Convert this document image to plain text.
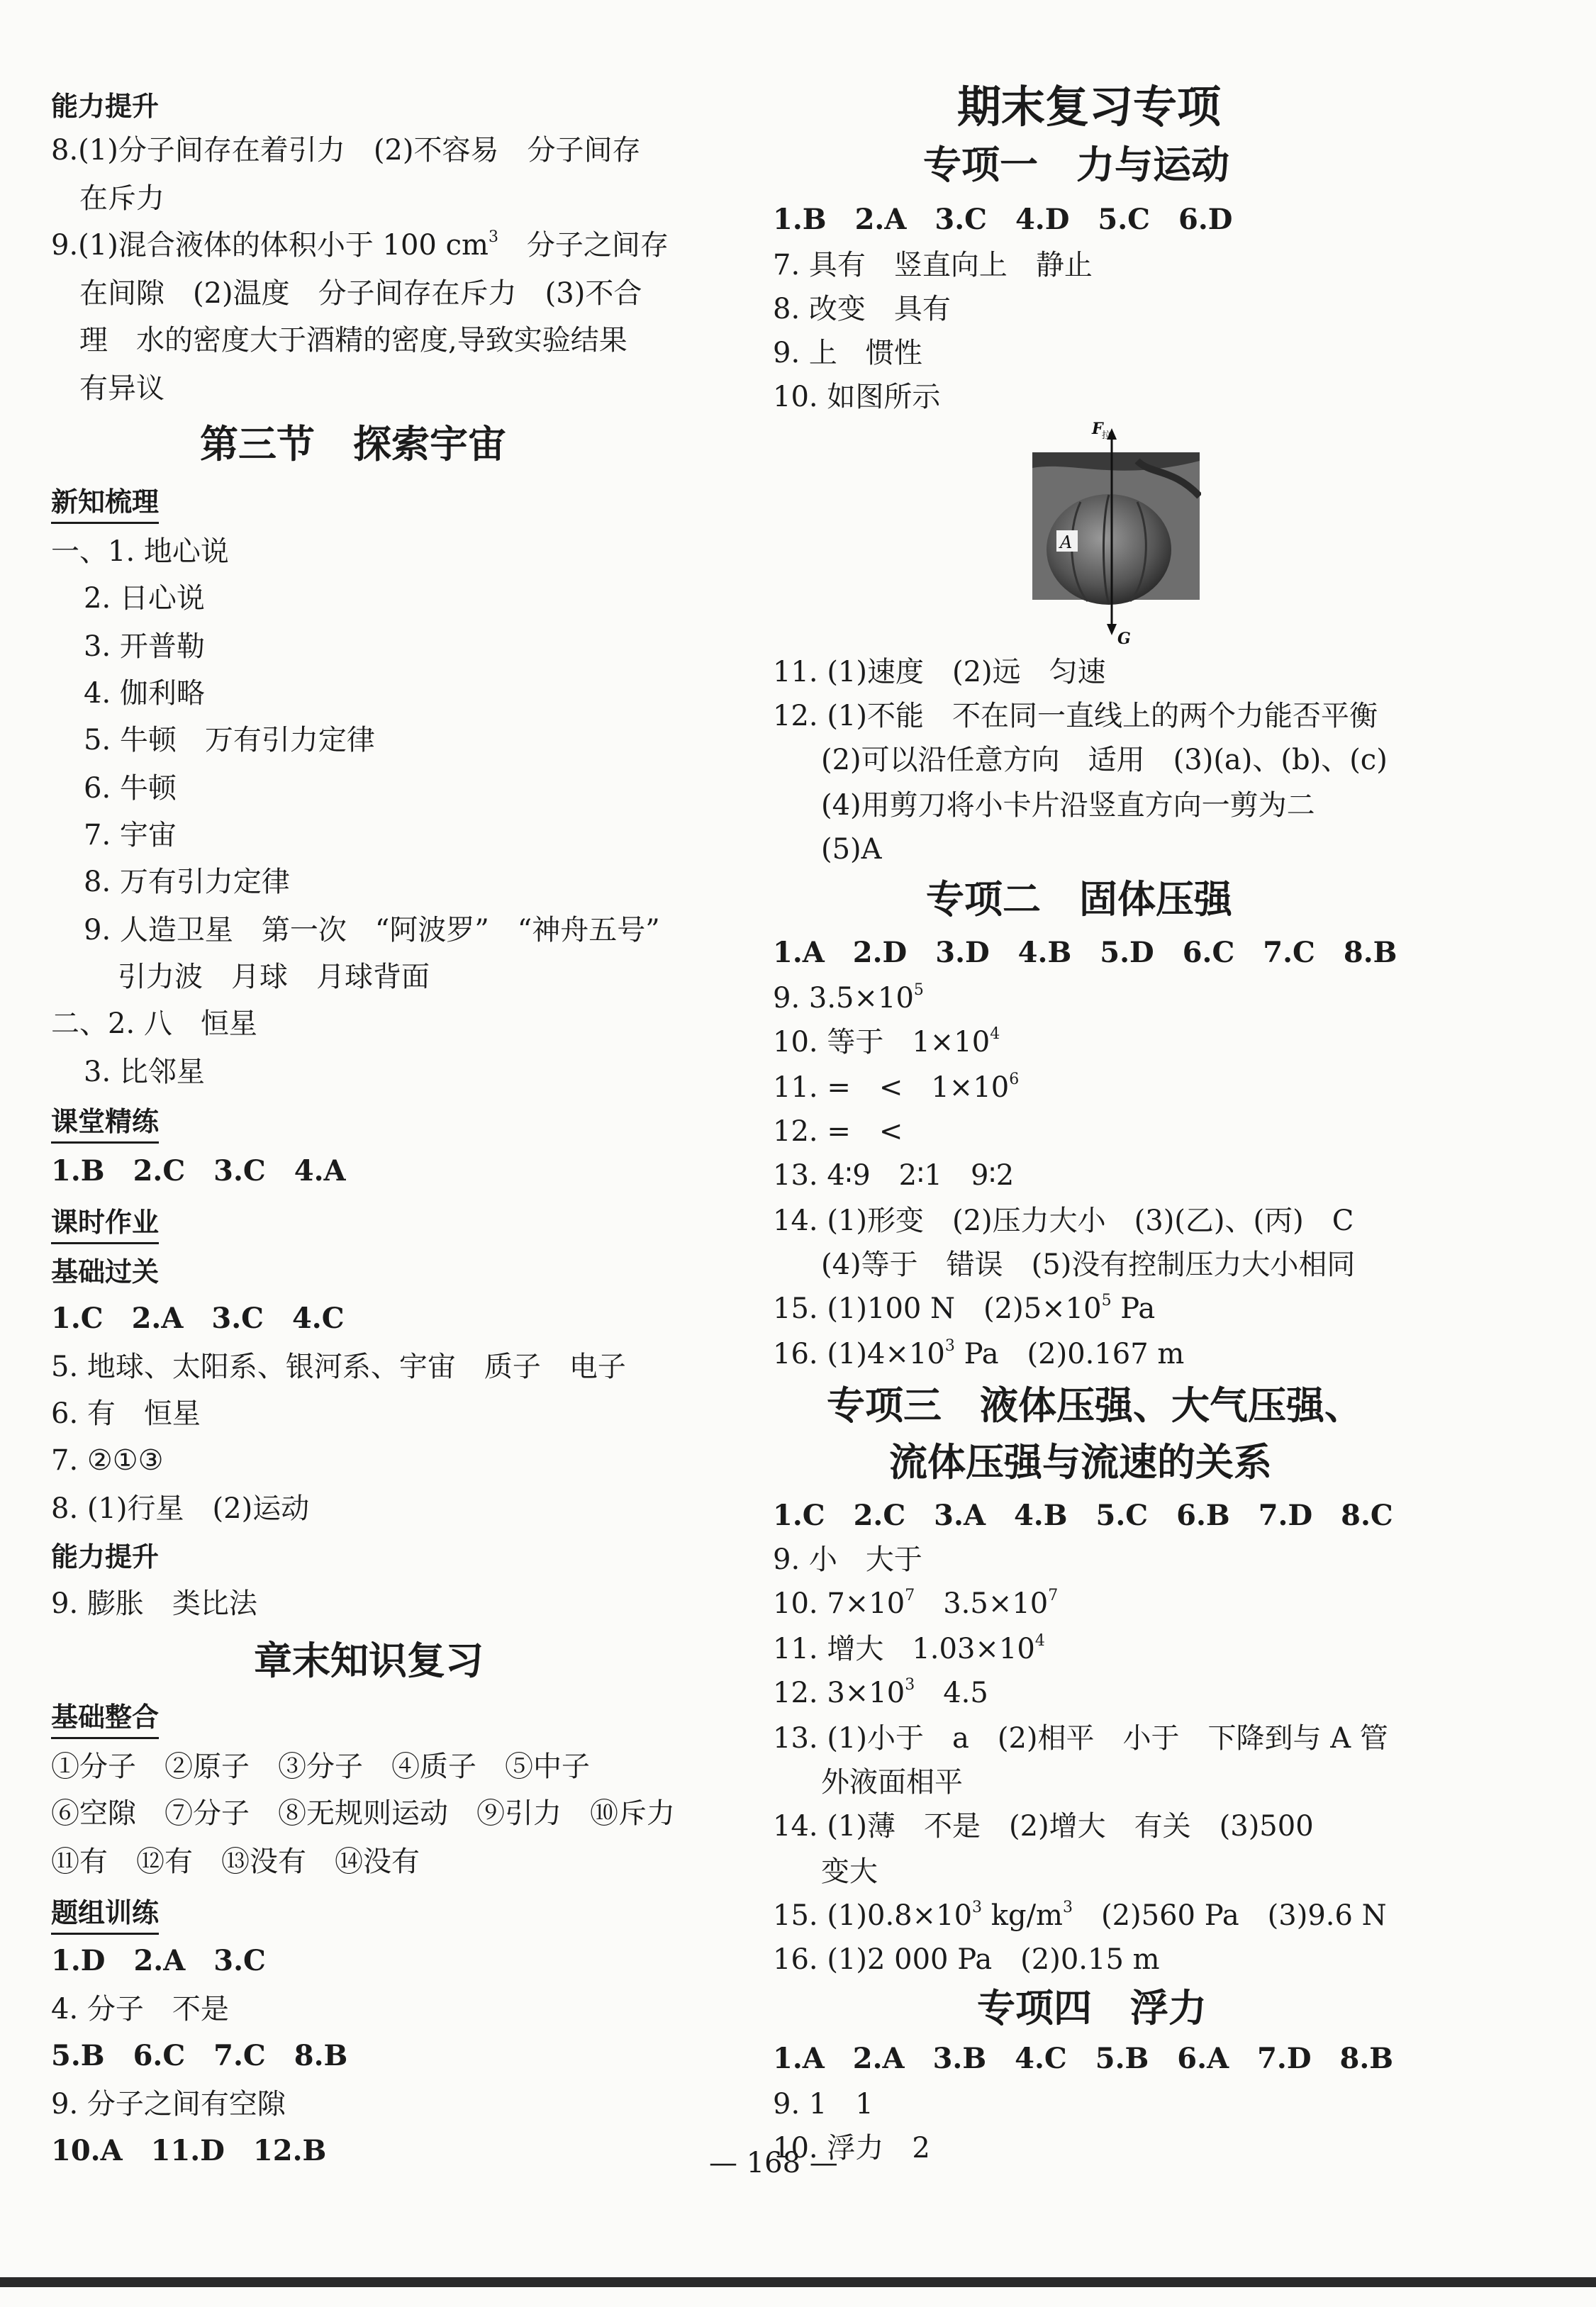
能力提升
8.(1)分子间存在着引力　(2)不容易　分子间存
在斥力
9.(1)混合液体的体积小于 100 $cm^3$　分子之间存
在间隙　(2)温度　分子间存在斥力　(3)不合
理　水的密度大于酒精的密度,导致实验结果
有异议
第三节　探索宇宙
新知梳理
一、1. 地心说
2. 日心说
3. 开普勒
4. 伽利略
5. 牛顿　万有引力定律
6. 牛顿
7. 宇宙
8. 万有引力定律
9. 人造卫星　第一次　“阿波罗”　“神舟五号”
引力波　月球　月球背面
二、2. 八　恒星
3. 比邻星
课堂精练
1.B　2.C　3.C　4.A
课时作业
基础过关
1.C　2.A　3.C　4.C
5. 地球、太阳系、银河系、宇宙　质子　电子
6. 有　恒星
7. ②①③
8. (1)行星　(2)运动
能力提升
9. 膨胀　类比法
章末知识复习
基础整合
①分子　②原子　③分子　④质子　⑤中子
⑥空隙　⑦分子　⑧无规则运动　⑨引力　⑩斥力
⑪有　⑫有　⑬没有　⑭没有
题组训练
1.D　2.A　3.C
4. 分子　不是
5.B　6.C　7.C　8.B
9. 分子之间有空隙
10.A　11.D　12.B
期末复习专项
专项一　力与运动
1.B　2.A　3.C　4.D　5.C　6.D
7. 具有　竖直向上　静止
8. 改变　具有
9. 上　惯性
10. 如图所示
11. (1)速度　(2)远　匀速
12. (1)不能　不在同一直线上的两个力能否平衡
(2)可以沿任意方向　适用　(3)(a)、(b)、(c)
(4)用剪刀将小卡片沿竖直方向一剪为二
(5)A
专项二　固体压强
1.A　2.D　3.D　4.B　5.D　6.C　7.C　8.B
9. $3.5\times 10^5$
10. 等于　$1\times 10^4$
11. =　<　$1\times 10^6$
12. =　<
13. 4∶9　2∶1　9∶2
14. (1)形变　(2)压力大小　(3)(乙)、(丙)　C
(4)等于　错误　(5)没有控制压力大小相同
15. (1)100 N　$(2)5\times 10^5$ Pa
16. $(1)4\times 10^3$ Pa　(2)0.167 m
专项三　液体压强、大气压强、
流体压强与流速的关系
1.C　2.C　3.A　4.B　5.C　6.B　7.D　8.C
9. 小　大于
10. $7\times 10^7$　$3.5\times 10^7$
11. 增大　$1.03\times 10^4$
12. $3\times 10^3$　4.5
13. (1)小于　a　(2)相平　小于　下降到与 A 管
外液面相平
14. (1)薄　不是　(2)增大　有关　(3)500
变大
15. $(1)0.8\times 10^3$ $kg/m^3$　(2)560 Pa　(3)9.6 N
16. (1)2 000 Pa　(2)0.15 m
专项四　浮力
1.A　2.A　3.B　4.C　5.B　6.A　7.D　8.B
9. 1　1
10. 浮力　2
A
F
拉
G
— 168 —
